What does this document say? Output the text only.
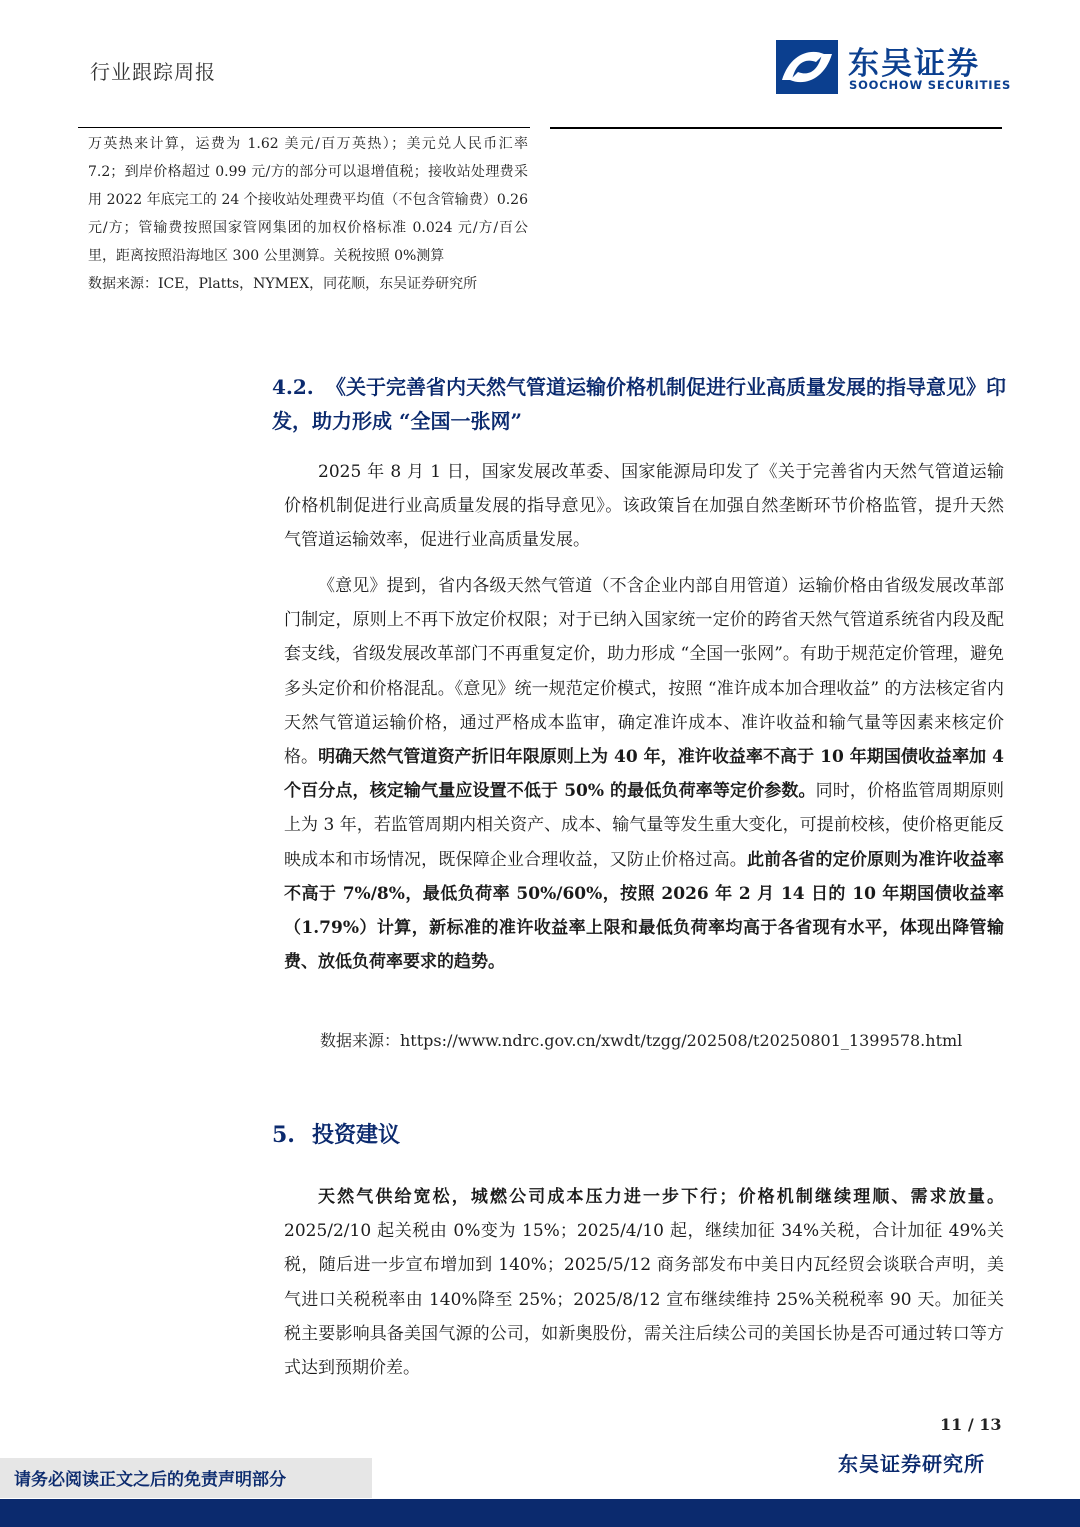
行业跟踪周报	东吴证券
SOOCHOW SECURITIES

万英热来计算，运费为 1.62 美元/百万英热）；美元兑人民币汇率 7.2；到岸价格超过 0.99 元/方的部分可以退增值税；接收站处理费采用 2022 年底完工的 24 个接收站处理费平均值（不包含管输费）0.26 元/方；管输费按照国家管网集团的加权价格标准 0.024 元/方/百公里，距离按照沿海地区 300 公里测算。关税按照 0%测算

数据来源：ICE，Platts，NYMEX，同花顺，东吴证券研究所

4.2. 《关于完善省内天然气管道运输价格机制促进行业高质量发展的指导意见》印发，助力形成 “全国一张网”

2025 年 8 月 1 日，国家发展改革委、国家能源局印发了《关于完善省内天然气管道运输价格机制促进行业高质量发展的指导意见》。该政策旨在加强自然垄断环节价格监管，提升天然气管道运输效率，促进行业高质量发展。

《意见》提到，省内各级天然气管道（不含企业内部自用管道）运输价格由省级发展改革部门制定，原则上不再下放定价权限；对于已纳入国家统一定价的跨省天然气管道系统省内段及配套支线，省级发展改革部门不再重复定价，助力形成 “全国一张网”。有助于规范定价管理，避免多头定价和价格混乱。《意见》统一规范定价模式，按照 “准许成本加合理收益” 的方法核定省内天然气管道运输价格，通过严格成本监审，确定准许成本、准许收益和输气量等因素来核定价格。明确天然气管道资产折旧年限原则上为 40 年，准许收益率不高于 10 年期国债收益率加 4 个百分点，核定输气量应设置不低于 50% 的最低负荷率等定价参数。同时，价格监管周期原则上为 3 年，若监管周期内相关资产、成本、输气量等发生重大变化，可提前校核，使价格更能反映成本和市场情况，既保障企业合理收益，又防止价格过高。此前各省的定价原则为准许收益率不高于 7%/8%，最低负荷率 50%/60%，按照 2026 年 2 月 14 日的 10 年期国债收益率（1.79%）计算，新标准的准许收益率上限和最低负荷率均高于各省现有水平，体现出降管输费、放低负荷率要求的趋势。

数据来源：https://www.ndrc.gov.cn/xwdt/tzgg/202508/t20250801_1399578.html
5. 投资建议

天然气供给宽松，城燃公司成本压力进一步下行；价格机制继续理顺、需求放量。2025/2/10 起关税由 0%变为 15%；2025/4/10 起，继续加征 34%关税，合计加征 49%关税，随后进一步宣布增加到 140%；2025/5/12 商务部发布中美日内瓦经贸会谈联合声明，美气进口关税税率由 140%降至 25%；2025/8/12 宣布继续维持 25%关税税率 90 天。加征关税主要影响具备美国气源的公司，如新奥股份，需关注后续公司的美国长协是否可通过转口等方式达到预期价差。

11 / 13
请务必阅读正文之后的免责声明部分
东吴证券研究所
